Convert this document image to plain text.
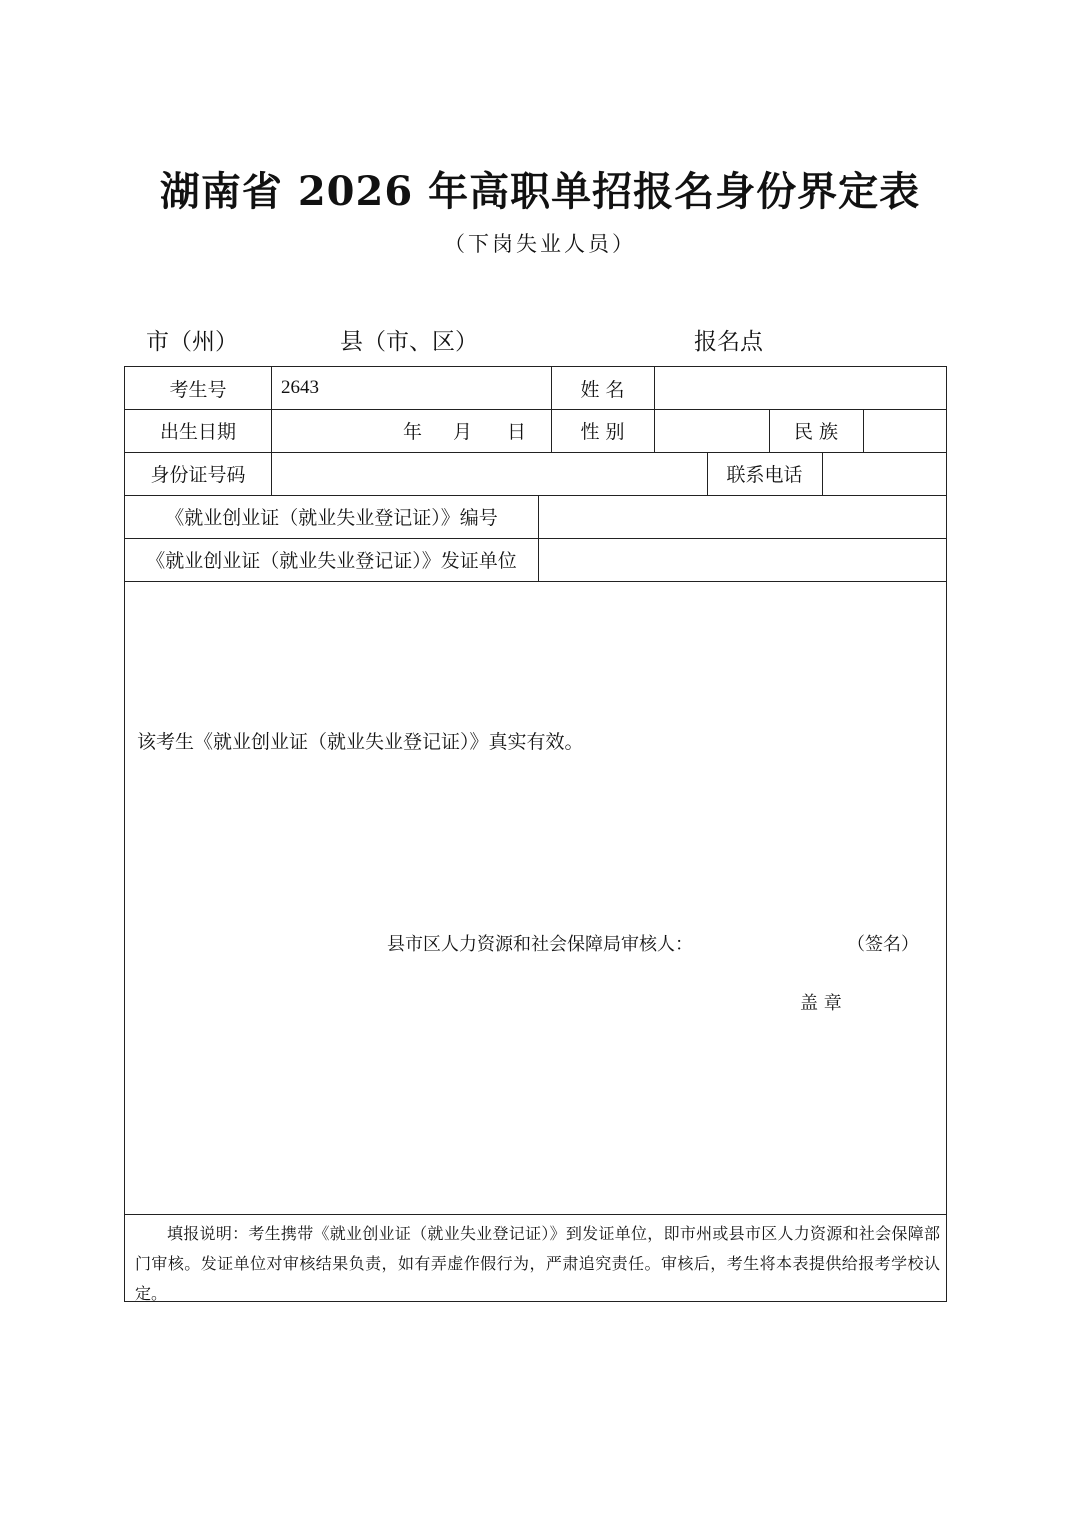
湖南省 2026 年高职单招报名身份界定表
（下岗失业人员）
市（州）	县（市、区）	报名点
考生号	2643	姓 名
出生日期	年 月 日	性 别	民 族
身份证号码	联系电话
《就业创业证（就业失业登记证）》编号
《就业创业证（就业失业登记证）》发证单位
该考生《就业创业证（就业失业登记证）》真实有效。
县市区人力资源和社会保障局审核人：	（签名）
盖 章
填报说明：考生携带《就业创业证（就业失业登记证）》到发证单位，即市州或县市区人力资源和社会保障部门审核。发证单位对审核结果负责，如有弄虚作假行为，严肃追究责任。审核后，考生将本表提供给报考学校认定。
